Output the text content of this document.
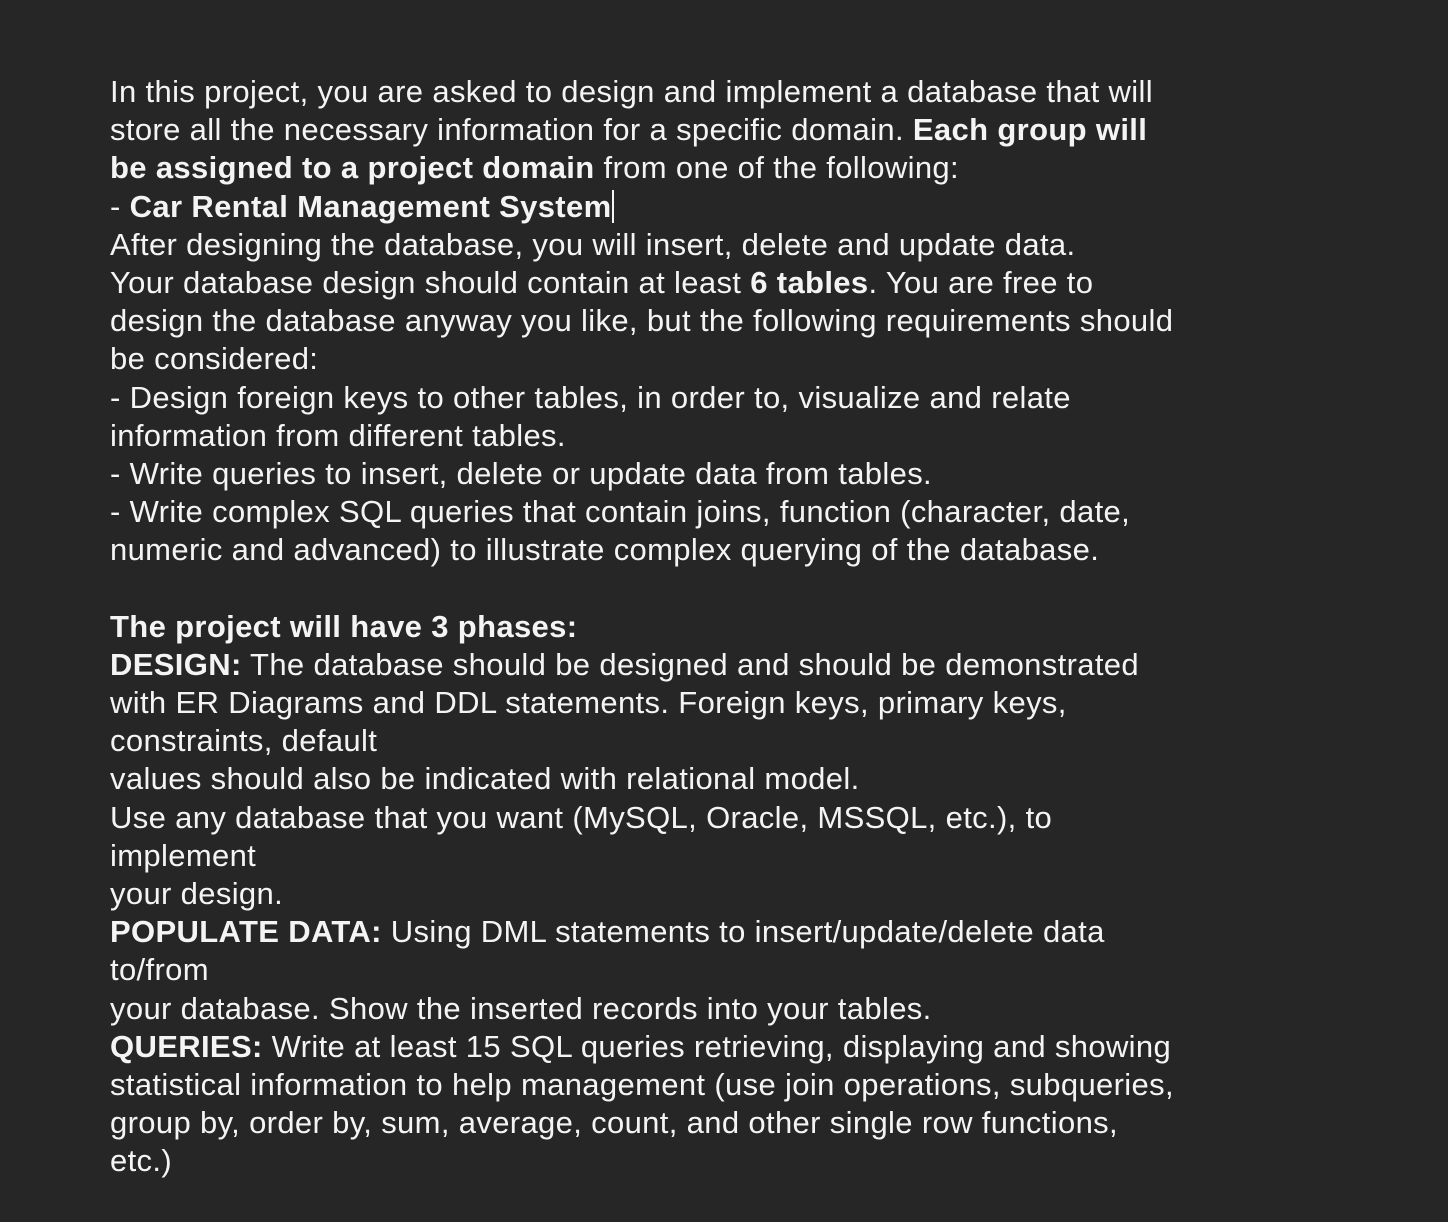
In this project, you are asked to design and implement a database that will
store all the necessary information for a specific domain. Each group will
be assigned to a project domain from one of the following:
- Car Rental Management System
After designing the database, you will insert, delete and update data.
Your database design should contain at least 6 tables. You are free to
design the database anyway you like, but the following requirements should
be considered:
- Design foreign keys to other tables, in order to, visualize and relate
information from different tables.
- Write queries to insert, delete or update data from tables.
- Write complex SQL queries that contain joins, function (character, date,
numeric and advanced) to illustrate complex querying of the database.
The project will have 3 phases:
DESIGN: The database should be designed and should be demonstrated
with ER Diagrams and DDL statements. Foreign keys, primary keys,
constraints, default
values should also be indicated with relational model.
Use any database that you want (MySQL, Oracle, MSSQL, etc.), to
implement
your design.
POPULATE DATA: Using DML statements to insert/update/delete data
to/from
your database. Show the inserted records into your tables.
QUERIES: Write at least 15 SQL queries retrieving, displaying and showing
statistical information to help management (use join operations, subqueries,
group by, order by, sum, average, count, and other single row functions,
etc.)
